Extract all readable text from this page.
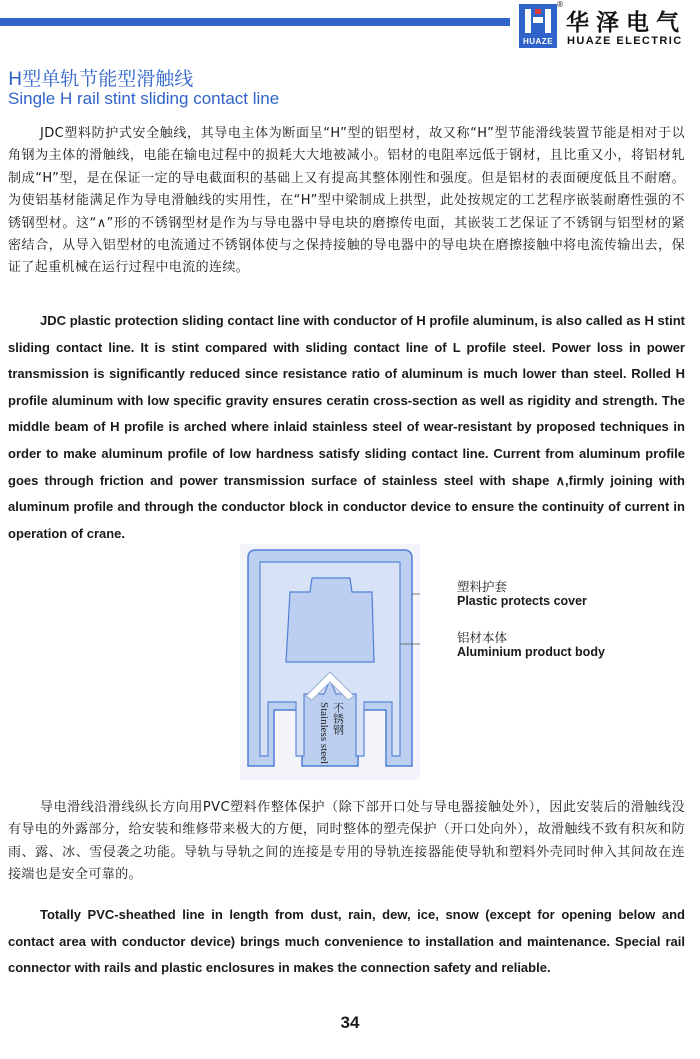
HUAZE
®
华泽电气
HUAZE ELECTRIC
H型单轨节能型滑触线
Single H rail stint sliding contact line

JDC塑料防护式安全触线，其导电主体为断面呈“H”型的铝型材，故又称“H”型节能滑线装置节能是相对于以角钢为主体的滑触线，电能在输电过程中的损耗大大地被减小。铝材的电阻率远低于钢材，且比重又小，将铝材轧制成“H”型，是在保证一定的导电截面积的基础上又有提高其整体刚性和强度。但是铝材的表面硬度低且不耐磨。为使铝基材能满足作为导电滑触线的实用性，在“H”型中梁制成上拱型，此处按规定的工艺程序嵌装耐磨性强的不锈钢型材。这“∧”形的不锈钢型材是作为与导电器中导电块的磨擦传电面，其嵌装工艺保证了不锈钢与铝型材的紧密结合，从导入铝型材的电流通过不锈钢体使与之保持接触的导电器中的导电块在磨擦接触中将电流传输出去，保证了起重机械在运行过程中电流的连续。

JDC plastic protection sliding contact line with conductor of H profile aluminum, is also called as H stint sliding contact line. It is stint compared with sliding contact line of L profile steel. Power loss in power transmission is significantly reduced since resistance ratio of aluminum is much lower than steel. Rolled H profile aluminum with low specific gravity ensures ceratin cross-section as well as rigidity and strength. The middle beam of H profile is arched where inlaid stainless steel of wear-resistant by proposed techniques in order to make aluminum profile of low hardness satisfy sliding contact line. Current from aluminum profile goes through friction and power transmission surface of stainless steel with shape ∧,firmly joining with aluminum profile and through the conductor block in conductor device to ensure the continuity of current in operation of crane.

不锈钢
Stainless steel
塑料护套
Plastic protects cover
铝材本体
Aluminium product body

导电滑线沿滑线纵长方向用PVC塑料作整体保护（除下部开口处与导电器接触处外），因此安装后的滑触线没有导电的外露部分，给安装和维修带来极大的方便，同时整体的塑壳保护（开口处向外），故滑触线不致有积灰和防雨、露、冰、雪侵袭之功能。导轨与导轨之间的连接是专用的导轨连接器能使导轨和塑料外壳同时伸入其间故在连接端也是安全可靠的。

Totally PVC-sheathed line in length from dust, rain, dew, ice, snow (except for opening below and contact area with conductor device) brings much convenience to installation and maintenance. Special rail connector with rails and plastic enclosures in makes the connection safety and reliable.

34
